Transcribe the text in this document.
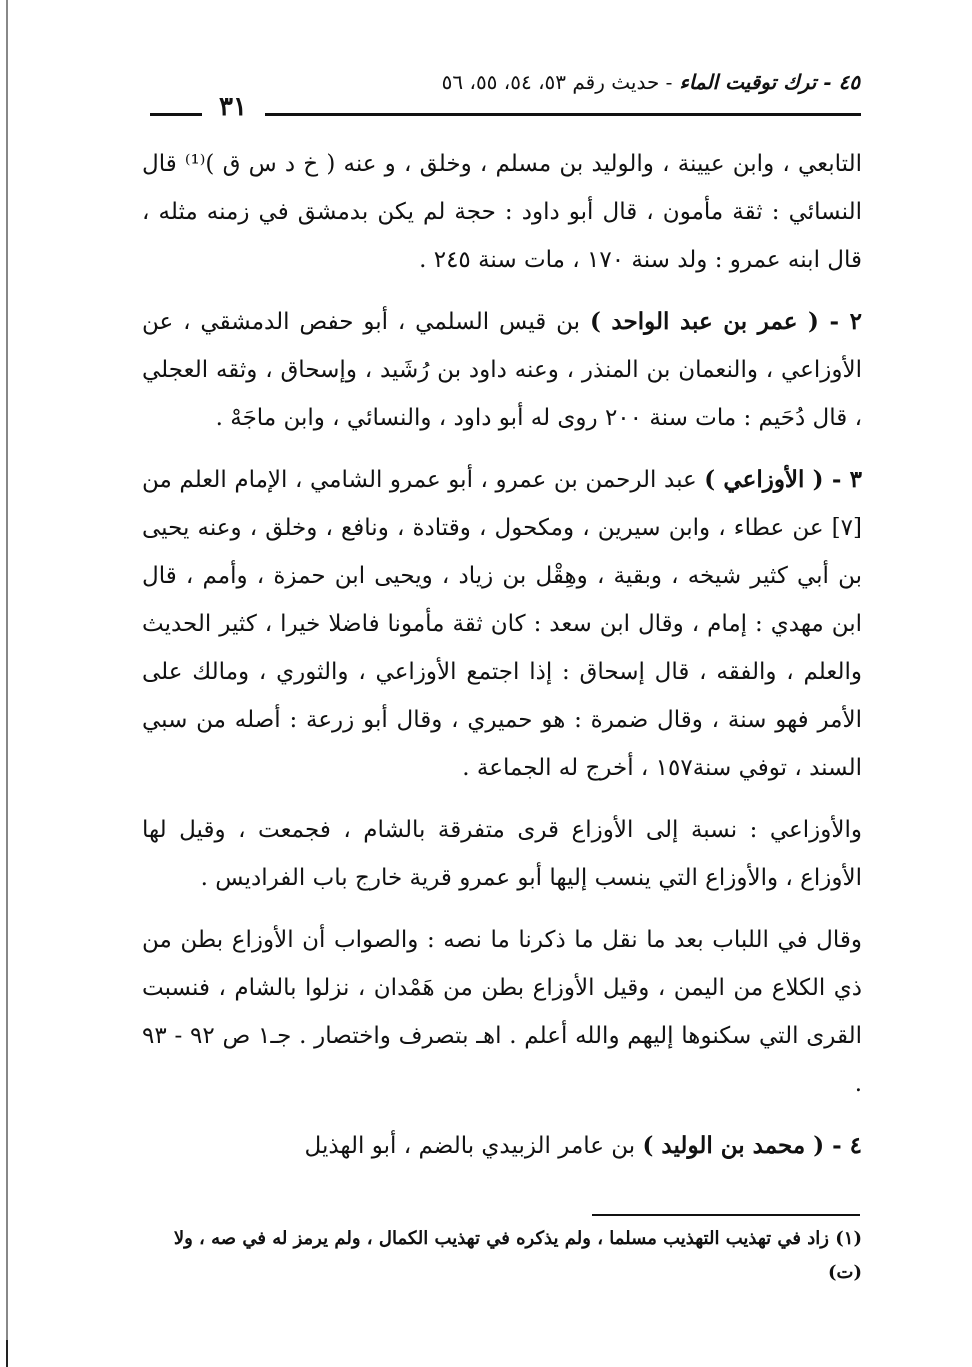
٤٥ - ترك توقيت الماء - حديث رقم ٥٣، ٥٤، ٥٥، ٥٦
٣١

التابعي ، وابن عيينة ، والوليد بن مسلم ، وخلق ، و عنه ( خ د س ق )⁽¹⁾ قال النسائي : ثقة مأمون ، قال أبو داود : حجة لم يكن بدمشق في زمنه مثله ، قال ابنه عمرو : ولد سنة ١٧٠ ، مات سنة ٢٤٥ .

٢ - ( عمر بن عبد الواحد ) بن قيس السلمي ، أبو حفص الدمشقي ، عن الأوزاعي ، والنعمان بن المنذر ، وعنه داود بن رُشَيد ، وإسحاق ، وثقه العجلي ، قال دُحَيم : مات سنة ٢٠٠ روى له أبو داود ، والنسائي ، وابن ماجَهْ .

٣ - ( الأوزاعي ) عبد الرحمن بن عمرو ، أبو عمرو الشامي ، الإمام العلم من [٧] عن عطاء ، وابن سيرين ، ومكحول ، وقتادة ، ونافع ، وخلق ، وعنه يحيى بن أبي كثير شيخه ، وبقية ، وهِقْل بن زياد ، ويحيى ابن حمزة ، وأمم ، قال ابن مهدي : إمام ، وقال ابن سعد : كان ثقة مأمونا فاضلا خيرا ، كثير الحديث والعلم ، والفقه ، قال إسحاق : إذا اجتمع الأوزاعي ، والثوري ، ومالك على الأمر فهو سنة ، وقال ضمرة : هو حميري ، وقال أبو زرعة : أصله من سبي السند ، توفي سنة١٥٧ ، أخرج له الجماعة .

والأوزاعي : نسبة إلى الأوزاع قرى متفرقة بالشام ، فجمعت ، وقيل لها الأوزاع ، والأوزاع التي ينسب إليها أبو عمرو قرية خارج باب الفراديس .

وقال في اللباب بعد ما نقل ما ذكرنا ما نصه : والصواب أن الأوزاع بطن من ذي الكلاع من اليمن ، وقيل الأوزاع بطن من هَمْدان ، نزلوا بالشام ، فنسبت القرى التي سكنوها إليهم والله أعلم . اهـ بتصرف واختصار . جـ١ ص ٩٢ - ٩٣ .

٤ - ( محمد بن الوليد ) بن عامر الزبيدي بالضم ، أبو الهذيل

(١) زاد في تهذيب التهذيب مسلما ، ولم يذكره في تهذيب الكمال ، ولم يرمز له في صه ، ولا (ت)
